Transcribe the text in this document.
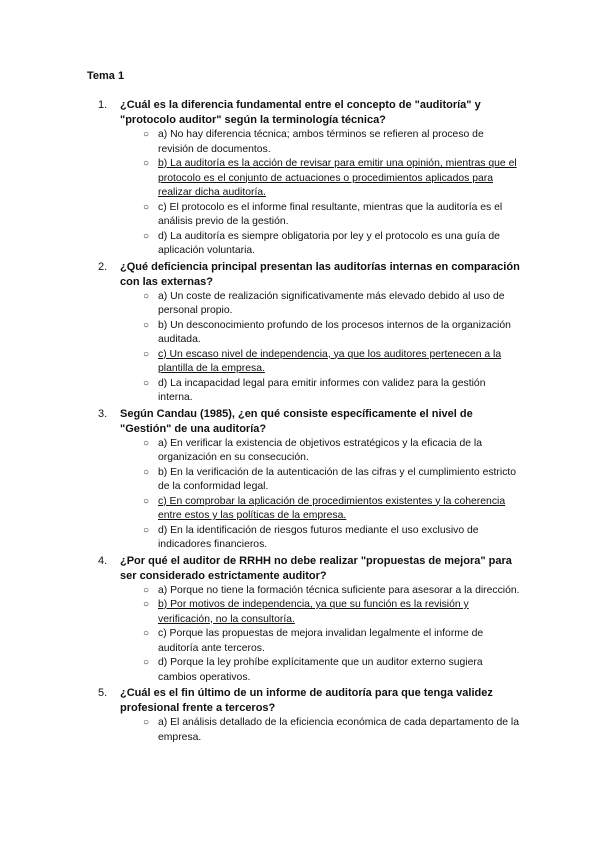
Tema 1
1. ¿Cuál es la diferencia fundamental entre el concepto de "auditoría" y "protocolo auditor" según la terminología técnica?
○ a) No hay diferencia técnica; ambos términos se refieren al proceso de revisión de documentos.
○ b) La auditoría es la acción de revisar para emitir una opinión, mientras que el protocolo es el conjunto de actuaciones o procedimientos aplicados para realizar dicha auditoría.
○ c) El protocolo es el informe final resultante, mientras que la auditoría es el análisis previo de la gestión.
○ d) La auditoría es siempre obligatoria por ley y el protocolo es una guía de aplicación voluntaria.
2. ¿Qué deficiencia principal presentan las auditorías internas en comparación con las externas?
○ a) Un coste de realización significativamente más elevado debido al uso de personal propio.
○ b) Un desconocimiento profundo de los procesos internos de la organización auditada.
○ c) Un escaso nivel de independencia, ya que los auditores pertenecen a la plantilla de la empresa.
○ d) La incapacidad legal para emitir informes con validez para la gestión interna.
3. Según Candau (1985), ¿en qué consiste específicamente el nivel de "Gestión" de una auditoría?
○ a) En verificar la existencia de objetivos estratégicos y la eficacia de la organización en su consecución.
○ b) En la verificación de la autenticación de las cifras y el cumplimiento estricto de la conformidad legal.
○ c) En comprobar la aplicación de procedimientos existentes y la coherencia entre estos y las políticas de la empresa.
○ d) En la identificación de riesgos futuros mediante el uso exclusivo de indicadores financieros.
4. ¿Por qué el auditor de RRHH no debe realizar "propuestas de mejora" para ser considerado estrictamente auditor?
○ a) Porque no tiene la formación técnica suficiente para asesorar a la dirección.
○ b) Por motivos de independencia, ya que su función es la revisión y verificación, no la consultoría.
○ c) Porque las propuestas de mejora invalidan legalmente el informe de auditoría ante terceros.
○ d) Porque la ley prohíbe explícitamente que un auditor externo sugiera cambios operativos.
5. ¿Cuál es el fin último de un informe de auditoría para que tenga validez profesional frente a terceros?
○ a) El análisis detallado de la eficiencia económica de cada departamento de la empresa.
